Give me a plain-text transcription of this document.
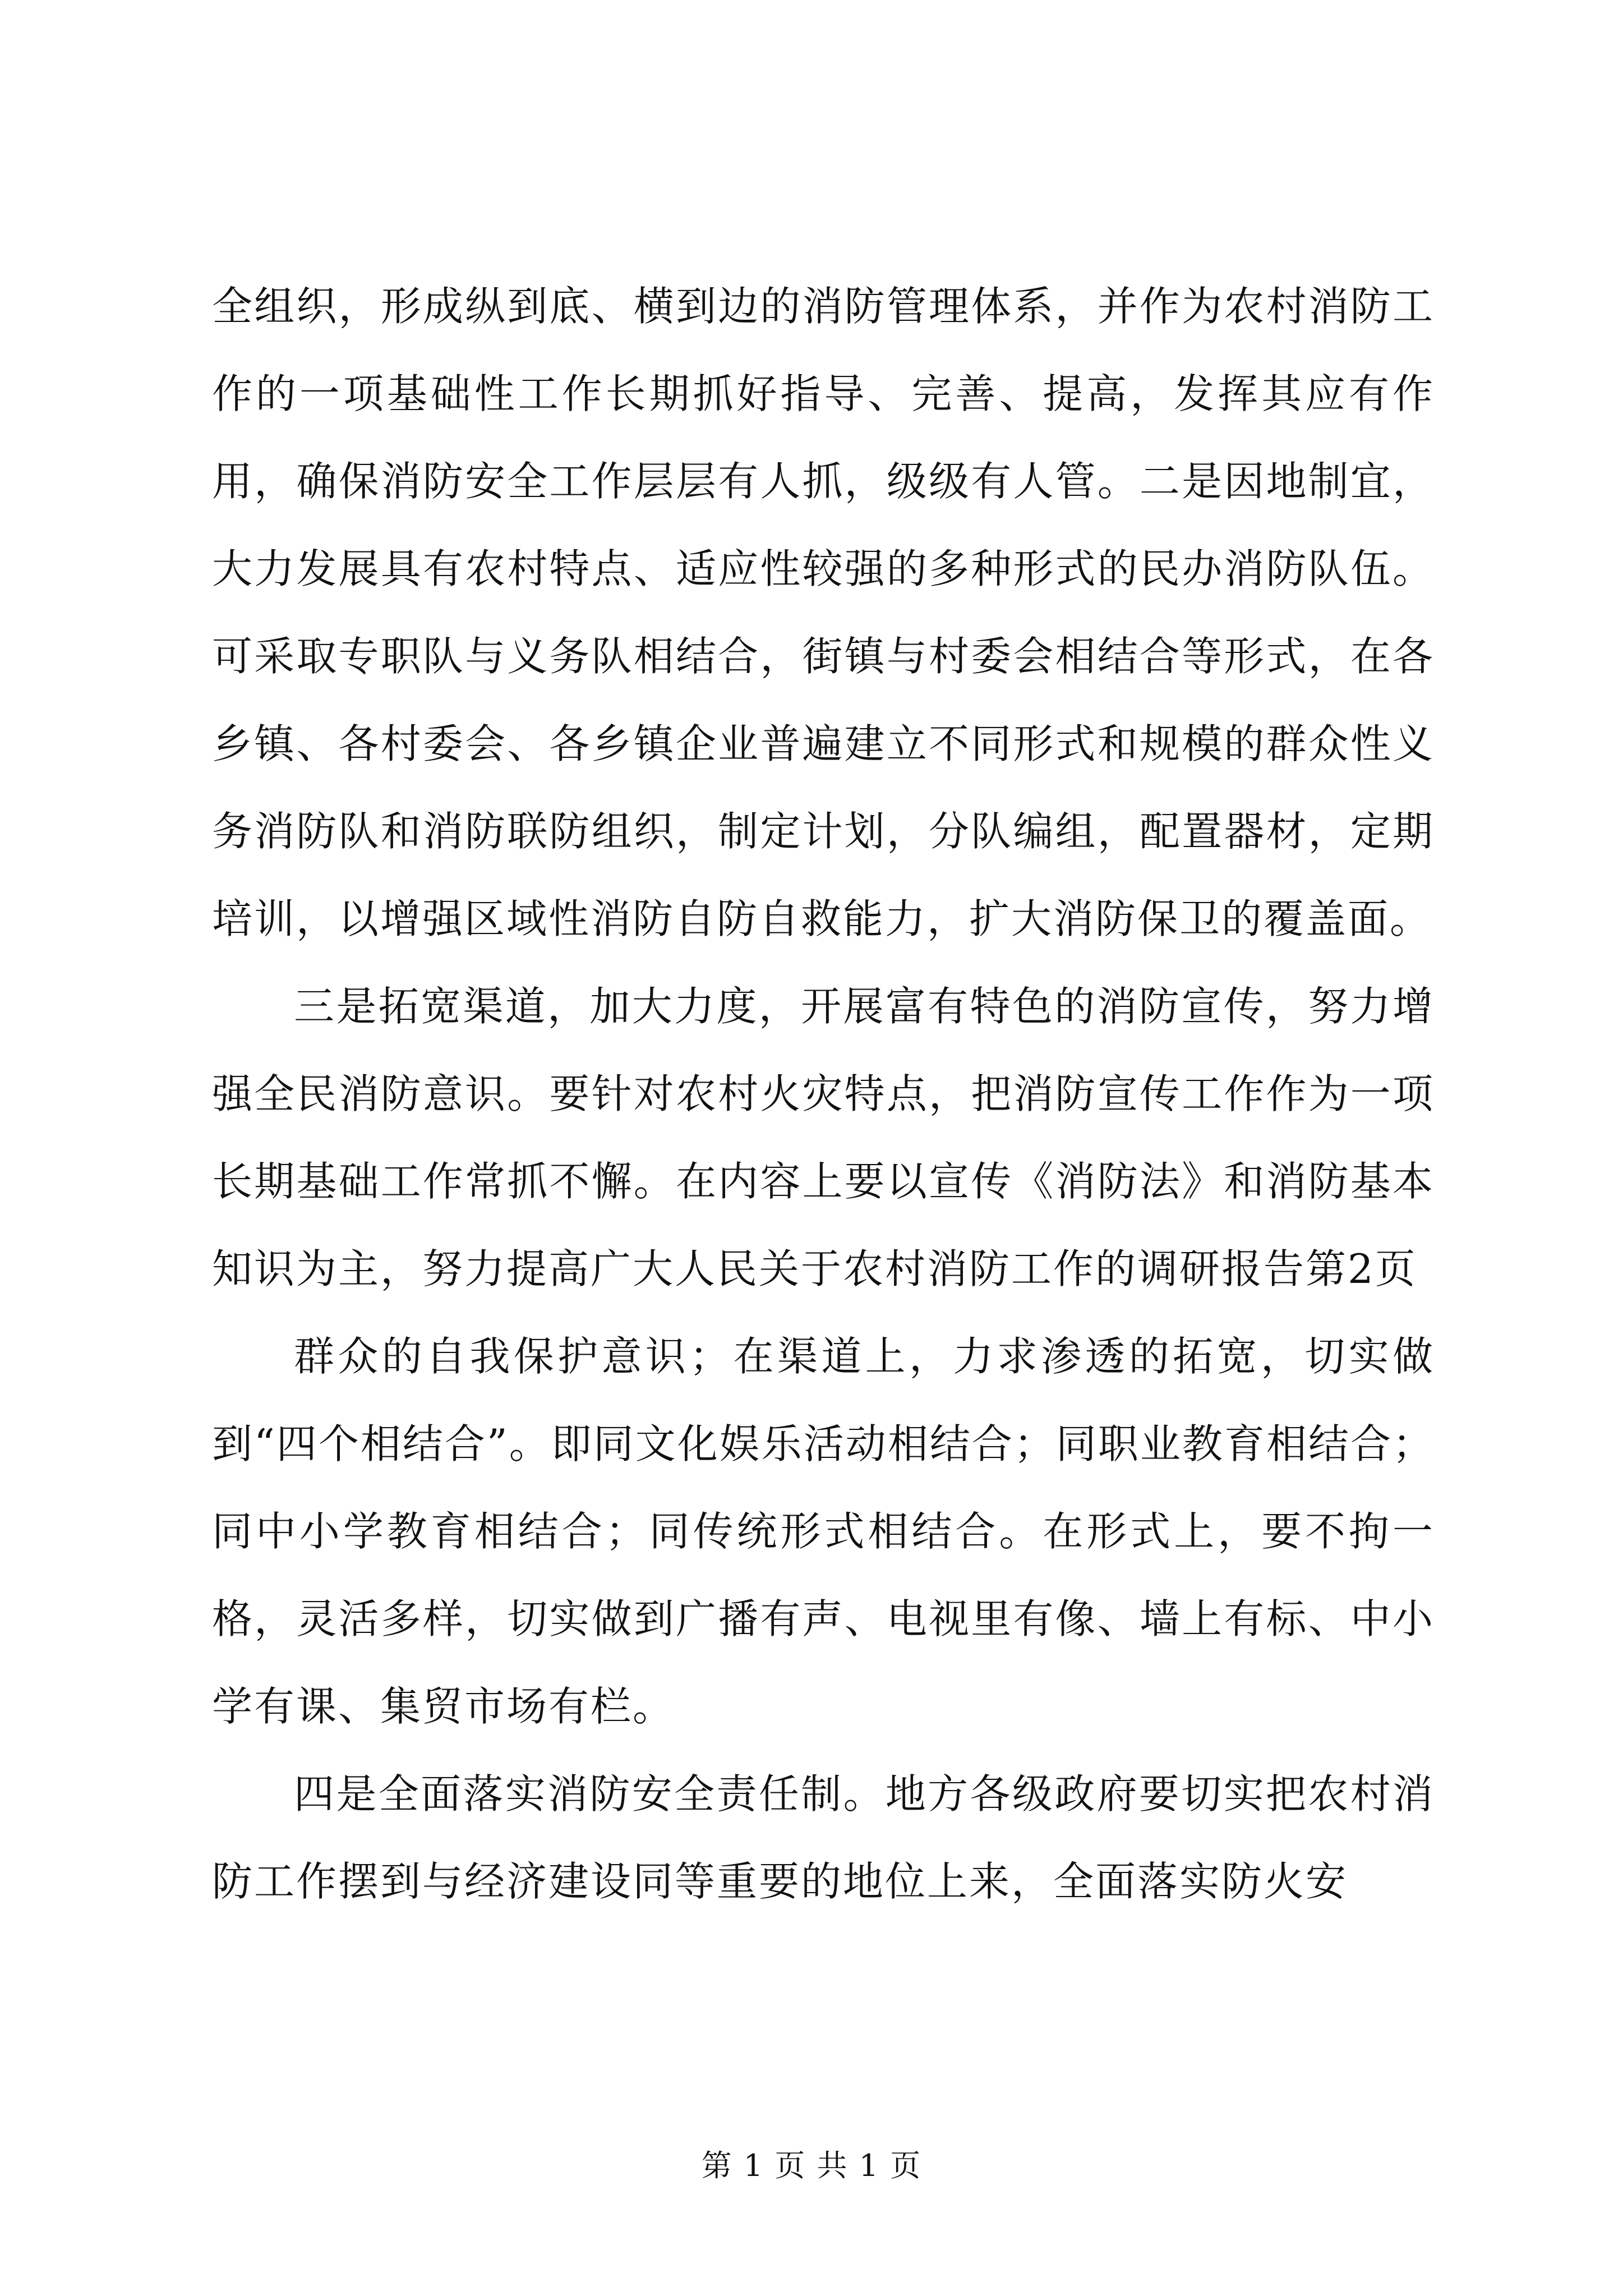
全组织，形成纵到底、横到边的消防管理体系，并作为农村消防工作的一项基础性工作长期抓好指导、完善、提高，发挥其应有作用，确保消防安全工作层层有人抓，级级有人管。二是因地制宜，大力发展具有农村特点、适应性较强的多种形式的民办消防队伍。可采取专职队与义务队相结合，街镇与村委会相结合等形式，在各乡镇、各村委会、各乡镇企业普遍建立不同形式和规模的群众性义务消防队和消防联防组织，制定计划，分队编组，配置器材，定期培训，以增强区域性消防自防自救能力，扩大消防保卫的覆盖面。

三是拓宽渠道，加大力度，开展富有特色的消防宣传，努力增强全民消防意识。要针对农村火灾特点，把消防宣传工作作为一项长期基础工作常抓不懈。在内容上要以宣传《消防法》和消防基本知识为主，努力提高广大人民关于农村消防工作的调研报告第2页

群众的自我保护意识；在渠道上，力求渗透的拓宽，切实做到“四个相结合”。即同文化娱乐活动相结合；同职业教育相结合；同中小学教育相结合；同传统形式相结合。在形式上，要不拘一格，灵活多样，切实做到广播有声、电视里有像、墙上有标、中小学有课、集贸市场有栏。

四是全面落实消防安全责任制。地方各级政府要切实把农村消防工作摆到与经济建设同等重要的地位上来，全面落实防火安

第 1 页 共 1 页
